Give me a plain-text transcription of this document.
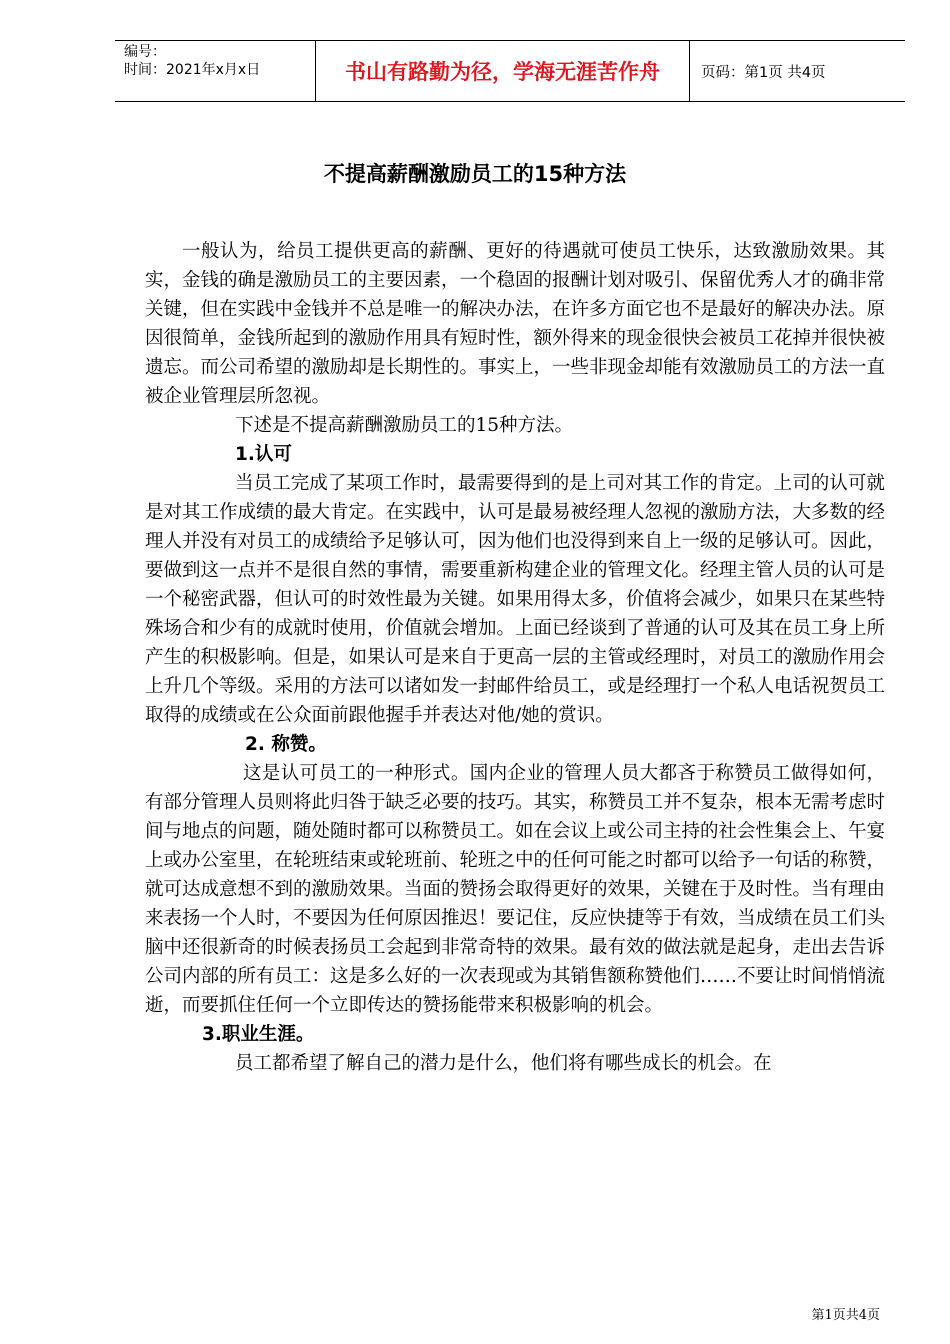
编号：
时间：2021年x月x日	书山有路勤为径，学海无涯苦作舟	页码：第1页 共4页
不提高薪酬激励员工的15种方法

一般认为，给员工提供更高的薪酬、更好的待遇就可使员工快乐，达致激励效果。其实，金钱的确是激励员工的主要因素，一个稳固的报酬计划对吸引、保留优秀人才的确非常关键，但在实践中金钱并不总是唯一的解决办法，在许多方面它也不是最好的解决办法。原因很简单，金钱所起到的激励作用具有短时性，额外得来的现金很快会被员工花掉并很快被遗忘。而公司希望的激励却是长期性的。事实上，一些非现金却能有效激励员工的方法一直被企业管理层所忽视。

下述是不提高薪酬激励员工的15种方法。

1.认可

当员工完成了某项工作时，最需要得到的是上司对其工作的肯定。上司的认可就是对其工作成绩的最大肯定。在实践中，认可是最易被经理人忽视的激励方法，大多数的经理人并没有对员工的成绩给予足够认可，因为他们也没得到来自上一级的足够认可。因此，要做到这一点并不是很自然的事情，需要重新构建企业的管理文化。经理主管人员的认可是一个秘密武器，但认可的时效性最为关键。如果用得太多，价值将会减少，如果只在某些特殊场合和少有的成就时使用，价值就会增加。上面已经谈到了普通的认可及其在员工身上所产生的积极影响。但是，如果认可是来自于更高一层的主管或经理时，对员工的激励作用会上升几个等级。采用的方法可以诸如发一封邮件给员工，或是经理打一个私人电话祝贺员工取得的成绩或在公众面前跟他握手并表达对他/她的赏识。

2. 称赞。

这是认可员工的一种形式。国内企业的管理人员大都吝于称赞员工做得如何，有部分管理人员则将此归咎于缺乏必要的技巧。其实，称赞员工并不复杂，根本无需考虑时间与地点的问题，随处随时都可以称赞员工。如在会议上或公司主持的社会性集会上、午宴上或办公室里，在轮班结束或轮班前、轮班之中的任何可能之时都可以给予一句话的称赞，就可达成意想不到的激励效果。当面的赞扬会取得更好的效果，关键在于及时性。当有理由来表扬一个人时，不要因为任何原因推迟！要记住，反应快捷等于有效，当成绩在员工们头脑中还很新奇的时候表扬员工会起到非常奇特的效果。最有效的做法就是起身，走出去告诉公司内部的所有员工：这是多么好的一次表现或为其销售额称赞他们……不要让时间悄悄流逝，而要抓住任何一个立即传达的赞扬能带来积极影响的机会。

3.职业生涯。

员工都希望了解自己的潜力是什么，他们将有哪些成长的机会。在

第1页共4页
